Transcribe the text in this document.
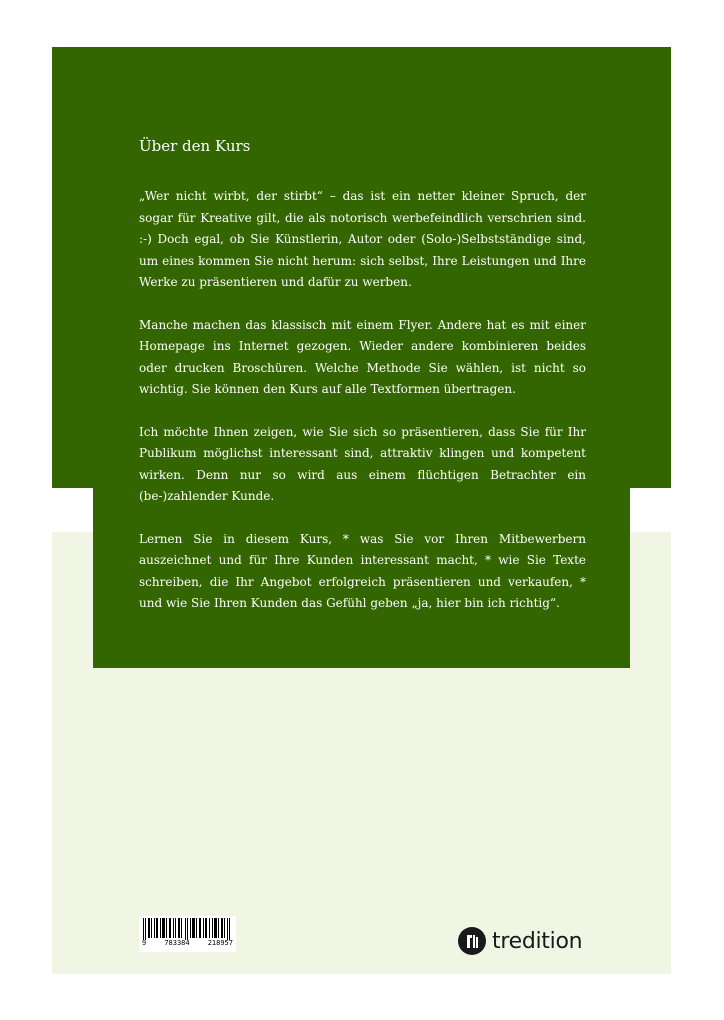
Über den Kurs

„Wer nicht wirbt, der stirbt“ – das ist ein netter kleiner Spruch, der sogar für Kreative gilt, die als notorisch werbefeindlich verschrien sind. :-) Doch egal, ob Sie Künstlerin, Autor oder (Solo-)Selbstständige sind, um eines kommen Sie nicht herum: sich selbst, Ihre Leistungen und Ihre Werke zu präsentieren und dafür zu werben.

Manche machen das klassisch mit einem Flyer. Andere hat es mit einer Homepage ins Internet gezogen. Wieder andere kombinieren beides oder drucken Broschüren. Welche Methode Sie wählen, ist nicht so wichtig. Sie können den Kurs auf alle Textformen übertragen.

Ich möchte Ihnen zeigen, wie Sie sich so präsentieren, dass Sie für Ihr Publikum möglichst interessant sind, attraktiv klingen und kompetent wirken. Denn nur so wird aus einem flüchtigen Betrachter ein (be-)zahlender Kunde.

Lernen Sie in diesem Kurs, * was Sie vor Ihren Mitbewerbern auszeichnet und für Ihre Kunden interessant macht, * wie Sie Texte schreiben, die Ihr Angebot erfolgreich präsentieren und verkaufen, * und wie Sie Ihren Kunden das Gefühl geben „ja, hier bin ich richtig“.

9	783384	218957	tredition
